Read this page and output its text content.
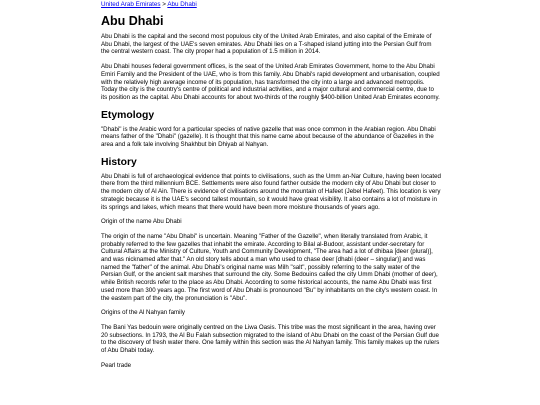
United Arab Emirates > Abu Dhabi
Abu Dhabi

Abu Dhabi is the capital and the second most populous city of the United Arab Emirates, and also capital of the Emirate of Abu Dhabi, the largest of the UAE's seven emirates. Abu Dhabi lies on a T-shaped island jutting into the Persian Gulf from the central western coast. The city proper had a population of 1.5 million in 2014.

Abu Dhabi houses federal government offices, is the seat of the United Arab Emirates Government, home to the Abu Dhabi Emiri Family and the President of the UAE, who is from this family. Abu Dhabi's rapid development and urbanisation, coupled with the relatively high average income of its population, has transformed the city into a large and advanced metropolis. Today the city is the country's centre of political and industrial activities, and a major cultural and commercial centre, due to its position as the capital. Abu Dhabi accounts for about two-thirds of the roughly $400-billion United Arab Emirates economy.

Etymology

"Dhabi" is the Arabic word for a particular species of native gazelle that was once common in the Arabian region. Abu Dhabi means father of the "Dhabi" (gazelle). It is thought that this name came about because of the abundance of Gazelles in the area and a folk tale involving Shakhbut bin Dhiyab al Nahyan.

History

Abu Dhabi is full of archaeological evidence that points to civilisations, such as the Umm an-Nar Culture, having been located there from the third millennium BCE. Settlements were also found farther outside the modern city of Abu Dhabi but closer to the modern city of Al Ain. There is evidence of civilisations around the mountain of Hafeet (Jebel Hafeet). This location is very strategic because it is the UAE's second tallest mountain, so it would have great visibility. It also contains a lot of moisture in its springs and lakes, which means that there would have been more moisture thousands of years ago.

Origin of the name Abu Dhabi

The origin of the name "Abu Dhabi" is uncertain. Meaning "Father of the Gazelle", when literally translated from Arabic, it probably referred to the few gazelles that inhabit the emirate. According to Bilal al-Budoor, assistant under-secretary for Cultural Affairs at the Ministry of Culture, Youth and Community Development, "The area had a lot of dhibaa [deer (plural)], and was nicknamed after that." An old story tells about a man who used to chase deer [dhabi (deer – singular)] and was named the "father" of the animal. Abu Dhabi's original name was Milh "salt", possibly referring to the salty water of the Persian Gulf, or the ancient salt marshes that surround the city. Some Bedouins called the city Umm Dhabi (mother of deer), while British records refer to the place as Abu Dhabi. According to some historical accounts, the name Abu Dhabi was first used more than 300 years ago. The first word of Abu Dhabi is pronounced "Bu" by inhabitants on the city's western coast. In the eastern part of the city, the pronunciation is "Abu".

Origins of the Al Nahyan family

The Bani Yas bedouin were originally centred on the Liwa Oasis. This tribe was the most significant in the area, having over 20 subsections. In 1793, the Al Bu Falah subsection migrated to the island of Abu Dhabi on the coast of the Persian Gulf due to the discovery of fresh water there. One family within this section was the Al Nahyan family. This family makes up the rulers of Abu Dhabi today.

Pearl trade
